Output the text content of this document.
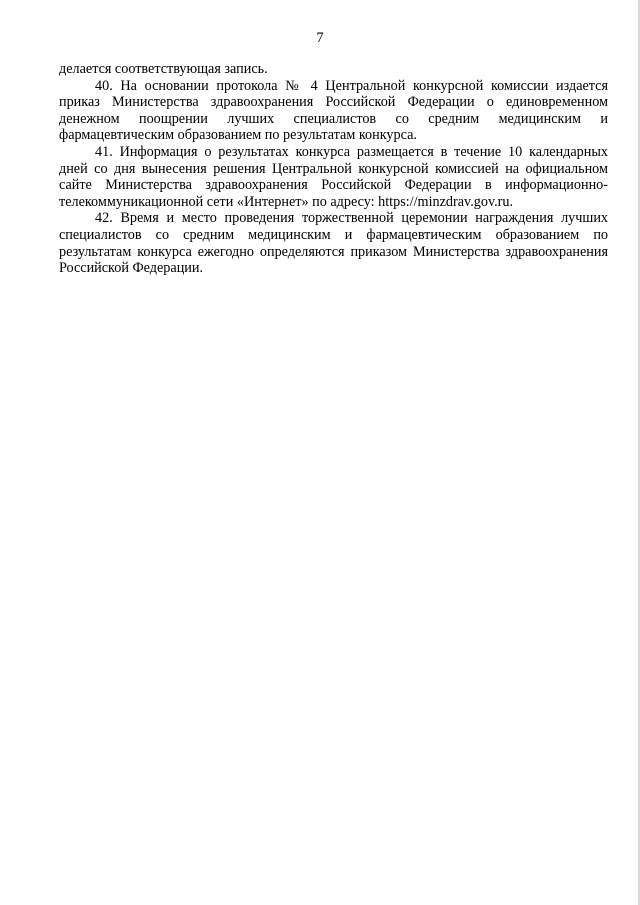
7

делается соответствующая запись.

40. На основании протокола № 4 Центральной конкурсной комиссии издается приказ Министерства здравоохранения Российской Федерации о единовременном денежном поощрении лучших специалистов со средним медицинским и фармацевтическим образованием по результатам конкурса.

41. Информация о результатах конкурса размещается в течение 10 календарных дней со дня вынесения решения Центральной конкурсной комиссией на официальном сайте Министерства здравоохранения Российской Федерации в информационно-телекоммуникационной сети «Интернет» по адресу: https://minzdrav.gov.ru.

42. Время и место проведения торжественной церемонии награждения лучших специалистов со средним медицинским и фармацевтическим образованием по результатам конкурса ежегодно определяются приказом Министерства здравоохранения Российской Федерации.
